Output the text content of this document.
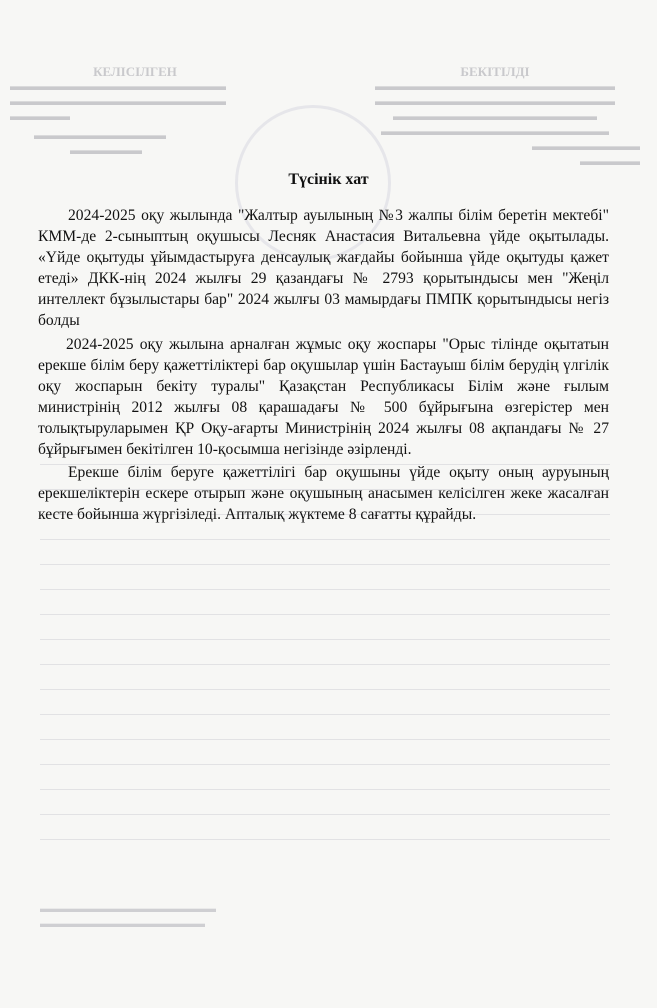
КЕЛІСІЛГЕН
▬▬▬▬▬▬▬▬▬▬▬▬▬▬▬▬▬▬
▬▬▬▬▬▬▬▬▬▬▬▬▬▬▬▬▬▬
▬▬▬▬▬
▬▬▬▬▬▬▬▬▬▬▬
▬▬▬▬▬▬
БЕКІТІЛДІ
▬▬▬▬▬▬▬▬▬▬▬▬▬▬▬▬▬▬▬▬
▬▬▬▬▬▬▬▬▬▬▬▬▬▬▬▬▬▬▬▬
▬▬▬▬▬▬▬▬▬▬▬▬▬▬▬▬▬
▬▬▬▬▬▬▬▬▬▬▬▬▬▬▬▬▬▬▬
▬▬▬▬▬▬▬▬▬
▬▬▬▬▬
▬▬▬▬▬▬▬▬▬▬▬▬▬▬▬▬
▬▬▬▬▬▬▬▬▬▬▬▬▬▬▬
Түсінік хат

2024-2025 оқу жылында "Жалтыр ауылының №3 жалпы білім беретін мектебі" КММ-де 2-сыныптың оқушысы Лесняк Анастасия Витальевна үйде оқытылады. «Үйде оқытуды ұйымдастыруға денсаулық жағдайы бойынша үйде оқытуды қажет етеді» ДКК-нің 2024 жылғы 29 қазандағы № 2793 қорытындысы мен "Жеңіл интеллект бұзылыстары бар" 2024 жылғы 03 мамырдағы ПМПК қорытындысы негіз болды

2024-2025 оқу жылына арналған жұмыс оқу жоспары "Орыс тілінде оқытатын ерекше білім беру қажеттіліктері бар оқушылар үшін Бастауыш білім берудің үлгілік оқу жоспарын бекіту туралы" Қазақстан Республикасы Білім және ғылым министрінің 2012 жылғы 08 қарашадағы № 500 бұйрығына өзгерістер мен толықтыруларымен ҚР Оқу-ағарты Министрінің 2024 жылғы 08 ақпандағы № 27 бұйрығымен бекітілген 10-қосымша негізінде әзірленді.

Ерекше білім беруге қажеттілігі бар оқушыны үйде оқыту оның ауруының ерекшеліктерін ескере отырып және оқушының анасымен келісілген жеке жасалған кесте бойынша жүргізіледі. Апталық жүктеме 8 сағатты құрайды.
